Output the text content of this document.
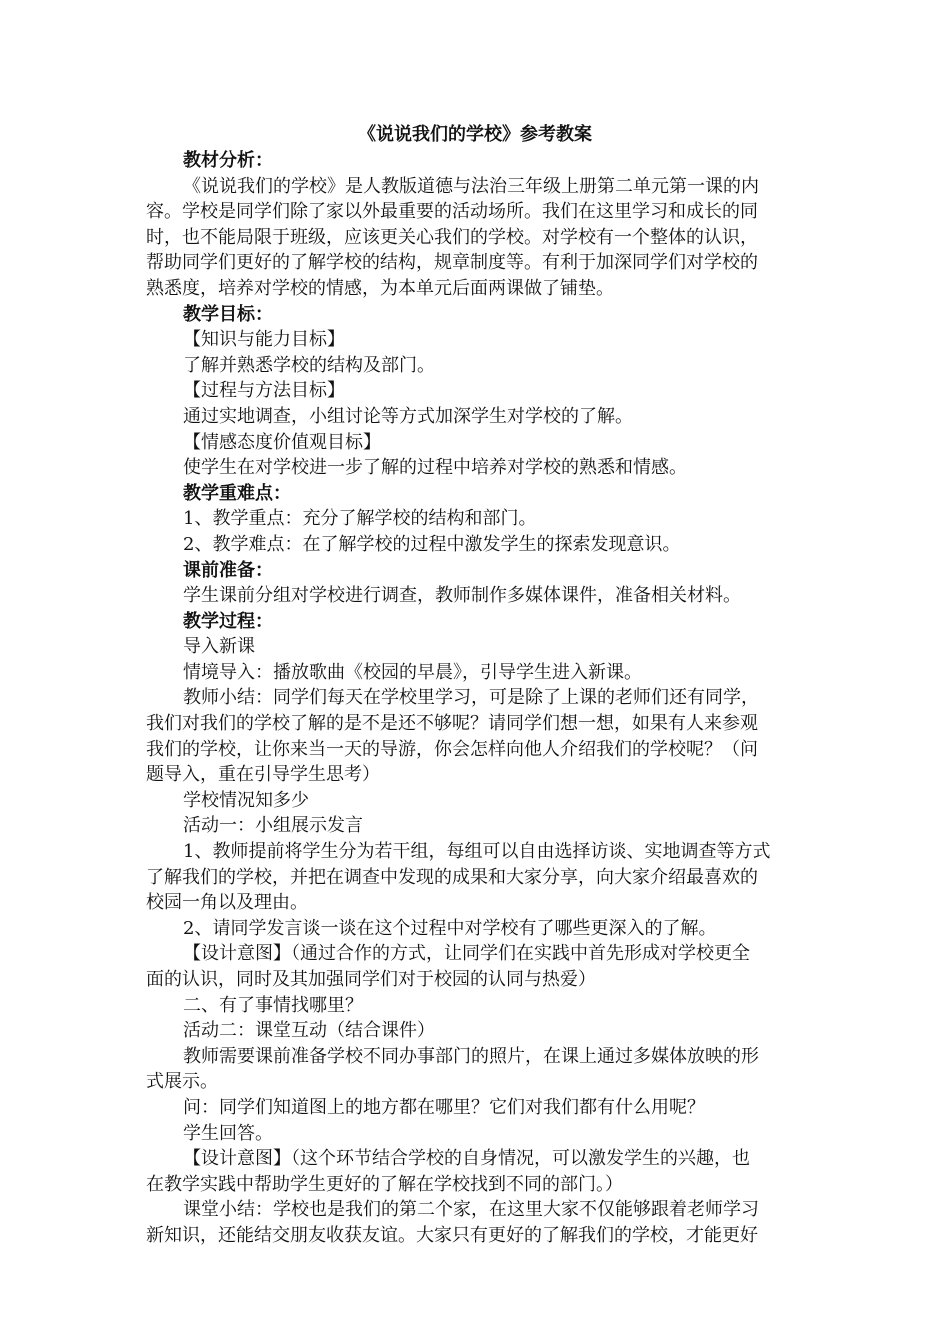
《说说我们的学校》参考教案
教材分析：
《说说我们的学校》是人教版道德与法治三年级上册第二单元第一课的内
容。学校是同学们除了家以外最重要的活动场所。我们在这里学习和成长的同
时，也不能局限于班级，应该更关心我们的学校。对学校有一个整体的认识，
帮助同学们更好的了解学校的结构，规章制度等。有利于加深同学们对学校的
熟悉度，培养对学校的情感，为本单元后面两课做了铺垫。
教学目标：
【知识与能力目标】
了解并熟悉学校的结构及部门。
【过程与方法目标】
通过实地调查，小组讨论等方式加深学生对学校的了解。
【情感态度价值观目标】
使学生在对学校进一步了解的过程中培养对学校的熟悉和情感。
教学重难点：
1、教学重点：充分了解学校的结构和部门。
2、教学难点：在了解学校的过程中激发学生的探索发现意识。
课前准备：
学生课前分组对学校进行调查，教师制作多媒体课件，准备相关材料。
教学过程：
导入新课
情境导入：播放歌曲《校园的早晨》，引导学生进入新课。
教师小结：同学们每天在学校里学习，可是除了上课的老师们还有同学，
我们对我们的学校了解的是不是还不够呢？请同学们想一想，如果有人来参观
我们的学校，让你来当一天的导游，你会怎样向他人介绍我们的学校呢？（问
题导入，重在引导学生思考）
学校情况知多少
活动一：小组展示发言
1、教师提前将学生分为若干组，每组可以自由选择访谈、实地调查等方式
了解我们的学校，并把在调查中发现的成果和大家分享，向大家介绍最喜欢的
校园一角以及理由。
2、请同学发言谈一谈在这个过程中对学校有了哪些更深入的了解。
【设计意图】（通过合作的方式，让同学们在实践中首先形成对学校更全
面的认识，同时及其加强同学们对于校园的认同与热爱）
二、有了事情找哪里？
活动二：课堂互动（结合课件）
教师需要课前准备学校不同办事部门的照片，在课上通过多媒体放映的形
式展示。
问：同学们知道图上的地方都在哪里？它们对我们都有什么用呢？
学生回答。
【设计意图】（这个环节结合学校的自身情况，可以激发学生的兴趣，也
在教学实践中帮助学生更好的了解在学校找到不同的部门。）
课堂小结：学校也是我们的第二个家，在这里大家不仅能够跟着老师学习
新知识，还能结交朋友收获友谊。大家只有更好的了解我们的学校，才能更好
